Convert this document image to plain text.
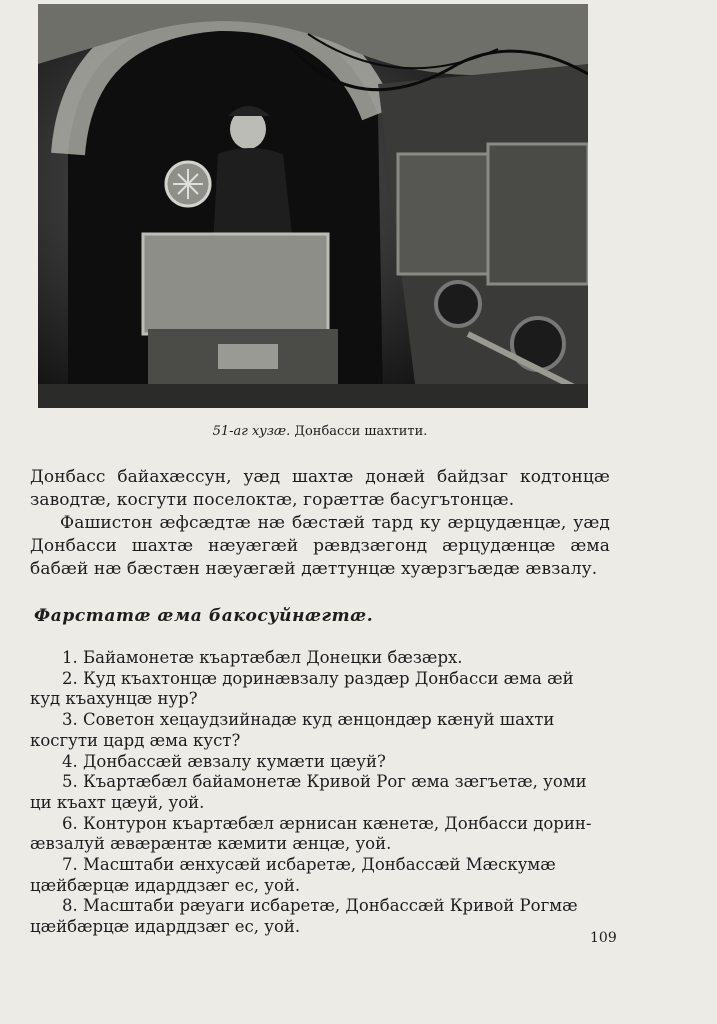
51-аг хузæ. Донбасси шахтити.

Донбасс байахæссун, уæд шахтæ донæй байдзаг кодтонцæ заводтæ, косгути поселоктæ, горæттæ басугътонцæ.

Фашистон æфсæдтæ нæ бæстæй тард ку æрцудæнцæ, уæд Донбасси шахтæ нæуæгæй рæвдзæгонд æрцудæнцæ æма бабæй нæ бæстæн нæуæгæй дæттунцæ хуæрзгъæдæ æвзалу.

Фарстатæ æма бакосуйнæгтæ.
1. Байамонетæ къартæбæл Донецки бæзæрх.
2. Куд къахтонцæ доринæвзалу раздæр Донбасси æма æй
куд къахунцæ нур?
3. Советон хецаудзийнадæ куд æнцондæр кæнуй шахти
косгути цард æма куст?
4. Донбассæй æвзалу кумæти цæуй?
5. Къартæбæл байамонетæ Кривой Рог æма зæгъетæ, уоми
ци къахт цæуй, уой.
6. Контурон къартæбæл æрнисан кæнетæ, Донбасси дорин-
æвзалуй æвæрæнтæ кæмити æнцæ, уой.
7. Масштаби æнхусæй исбаретæ, Донбассæй Мæскумæ
цæйбæрцæ идарддзæг ес, уой.
8. Масштаби рæуаги исбаретæ, Донбассæй Кривой Рогмæ
цæйбæрцæ идарддзæг ес, уой.
109
